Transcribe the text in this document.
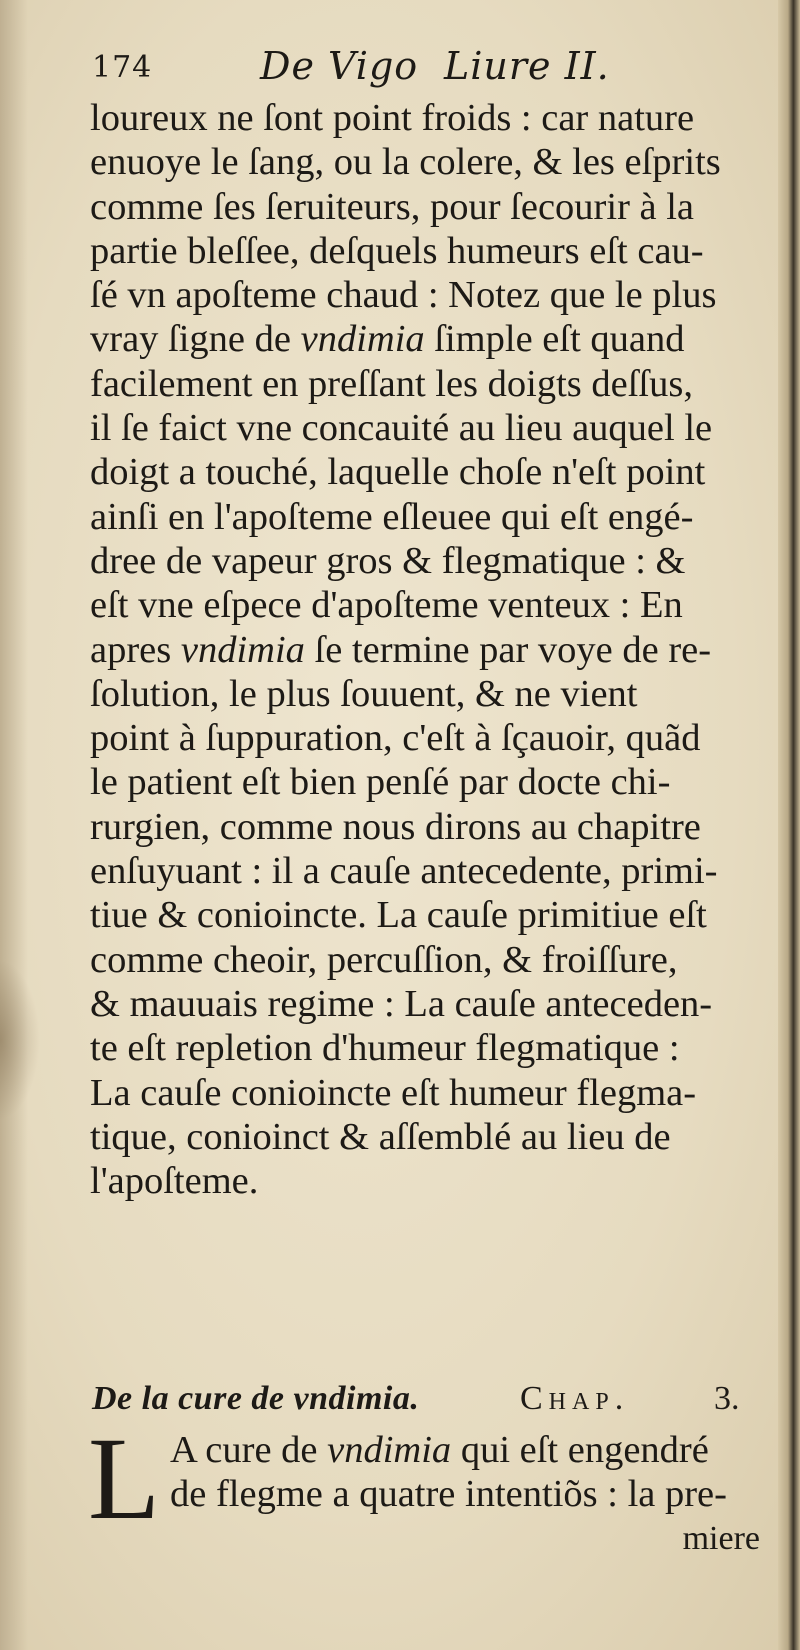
174	De Vigo Liure II.
loureux ne ſont point froids : car nature
enuoye le ſang, ou la colere, & les eſprits
comme ſes ſeruiteurs, pour ſecourir à la
partie bleſſee, deſquels humeurs eſt cau-
ſé vn apoſteme chaud : Notez que le plus
vray ſigne de vndimia ſimple eſt quand
facilement en preſſant les doigts deſſus,
il ſe faict vne concauité au lieu auquel le
doigt a touché, laquelle choſe n'eſt point
ainſi en l'apoſteme eſleuee qui eſt engé-
dree de vapeur gros & flegmatique : &
eſt vne eſpece d'apoſteme venteux : En
apres vndimia ſe termine par voye de re-
ſolution, le plus ſouuent, & ne vient
point à ſuppuration, c'eſt à ſçauoir, quãd
le patient eſt bien penſé par docte chi-
rurgien, comme nous dirons au chapitre
enſuyuant : il a cauſe antecedente, primi-
tiue & conioincte. La cauſe primitiue eſt
comme cheoir, percuſſion, & froiſſure,
& mauuais regime : La cauſe anteceden-
te eſt repletion d'humeur flegmatique :
La cauſe conioincte eſt humeur flegma-
tique, conioinct & aſſemblé au lieu de
l'apoſteme.
De la cure de vndimia.	Chap. 3.
L A cure de vndimia qui eſt engendré
de flegme a quatre intentiõs : la pre-
miere
